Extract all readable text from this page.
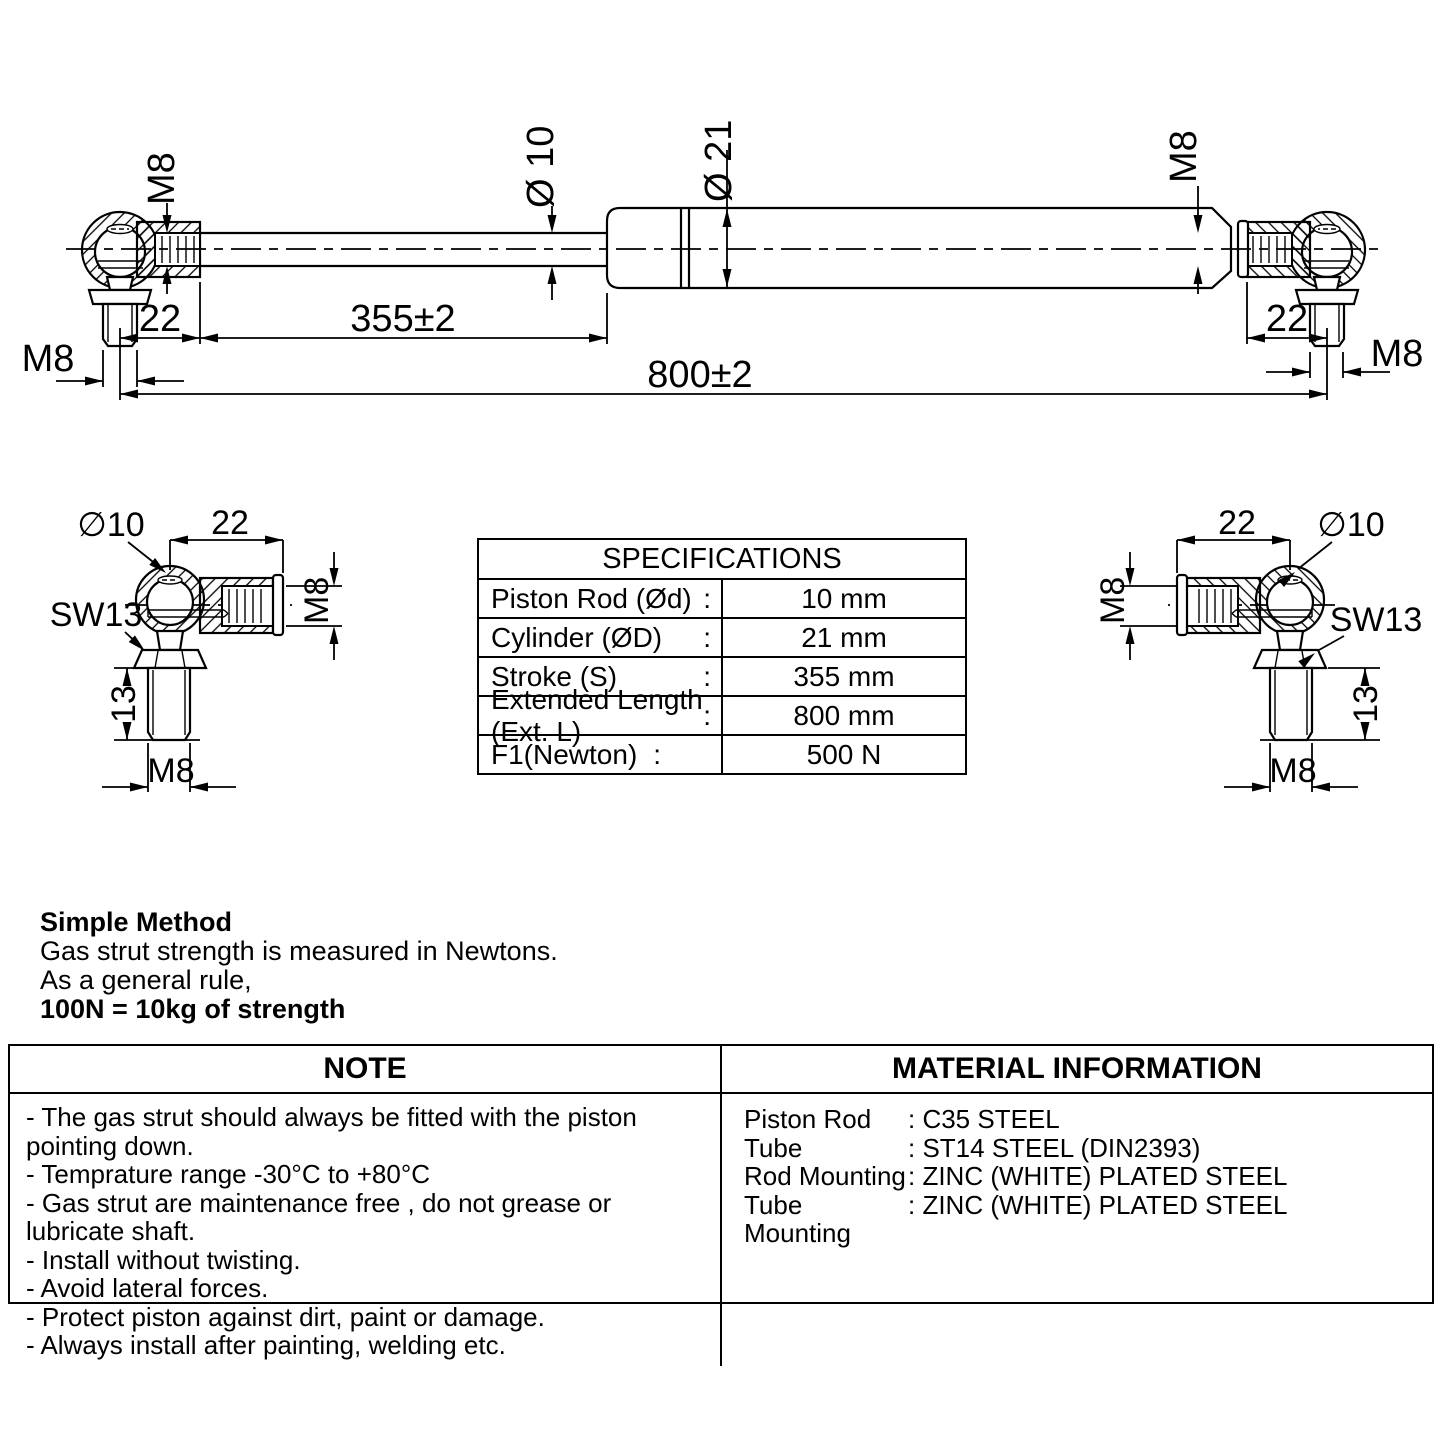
M8	Ø 10	Ø 21	M8
22	355±2	22
800±2
M8	M8
∅10 22
SW13	M8
13
M8
22 ∅10
M8	SW13
13
M8
SPECIFICATIONS	

Piston Rod (Ød) :	10 mm

Cylinder (ØD) :	21 mm

Stroke (S) :	355 mm

Extended Length (Ext. L)
:	800 mm

F1(Newton) :	500 N
Simple Method
Gas strut strength is measured in Newtons.
As a general rule,
100N = 10kg of strength
NOTE	MATERIAL INFORMATION
- The gas strut should always be fitted with the piston pointing down.
- Temprature range -30°C to +80°C
- Gas strut are maintenance free , do not grease or lubricate shaft.
- Install without twisting.
- Avoid lateral forces.
- Protect piston against dirt, paint or damage.
- Always install after painting, welding etc.
Piston Rod	: C35 STEEL
Tube	: ST14 STEEL (DIN2393)
Rod Mounting : ZINC (WHITE) PLATED STEEL
Tube Mounting
: ZINC (WHITE) PLATED STEEL
